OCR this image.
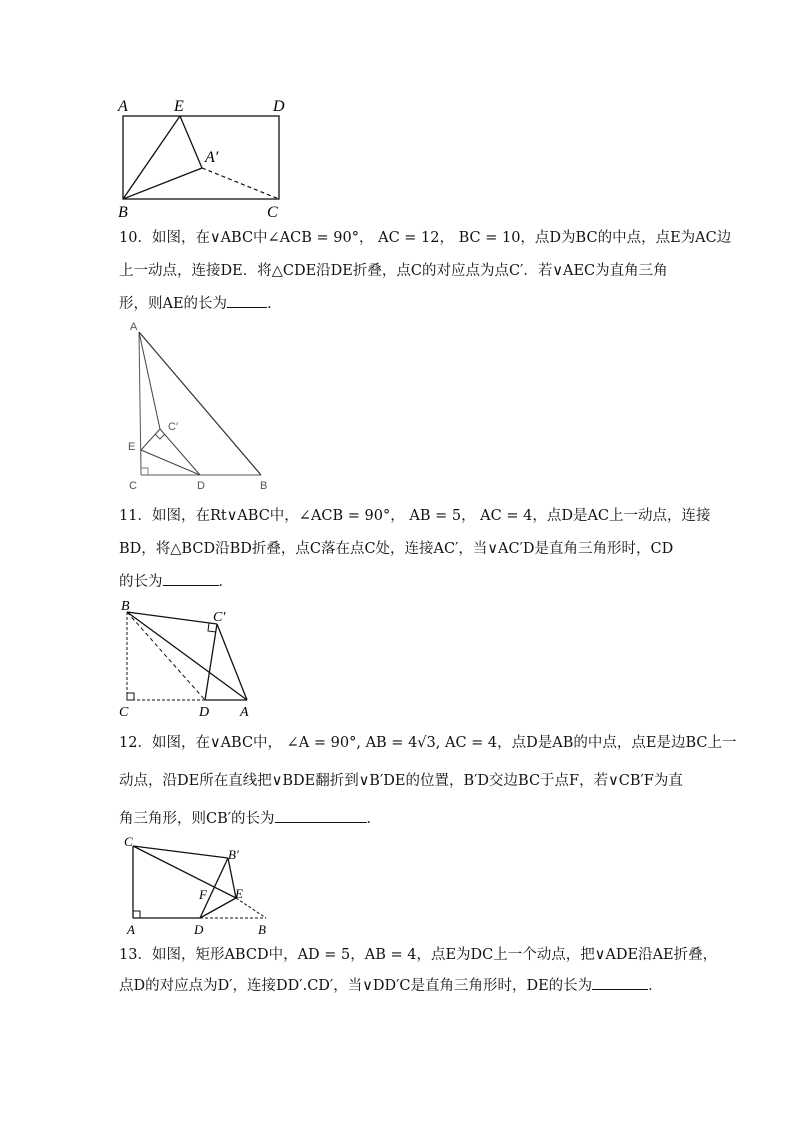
A	E	D
A′
B	C

10．如图，在∨ABC中∠ACB = 90°， AC = 12， BC = 10，点D为BC的中点，点E为AC边

上一动点，连接DE．将△CDE沿DE折叠，点C的对应点为点C′．若∨AEC为直角三角

形，则AE的长为	．

A
C′
E
C	D	B

11．如图，在Rt∨ABC中，∠ACB = 90°， AB = 5， AC = 4，点D是AC上一动点，连接

BD，将△BCD沿BD折叠，点C落在点C处，连接AC′，当∨AC′D是直角三角形时，CD

的长为	．

B
C′
C	D A

12．如图，在∨ABC中， ∠A = 90°, AB = 4√3, AC = 4，点D是AB的中点，点E是边BC上一

动点，沿DE所在直线把∨BDE翻折到∨B′DE的位置，B′D交边BC于点F，若∨CB′F为直

角三角形，则CB′的长为	．

C
B′
F E
A	D	B

13．如图，矩形ABCD中，AD = 5，AB = 4，点E为DC上一个动点，把∨ADE沿AE折叠，

点D的对应点为D′，连接DD′.CD′，当∨DD′C是直角三角形时，DE的长为	．
